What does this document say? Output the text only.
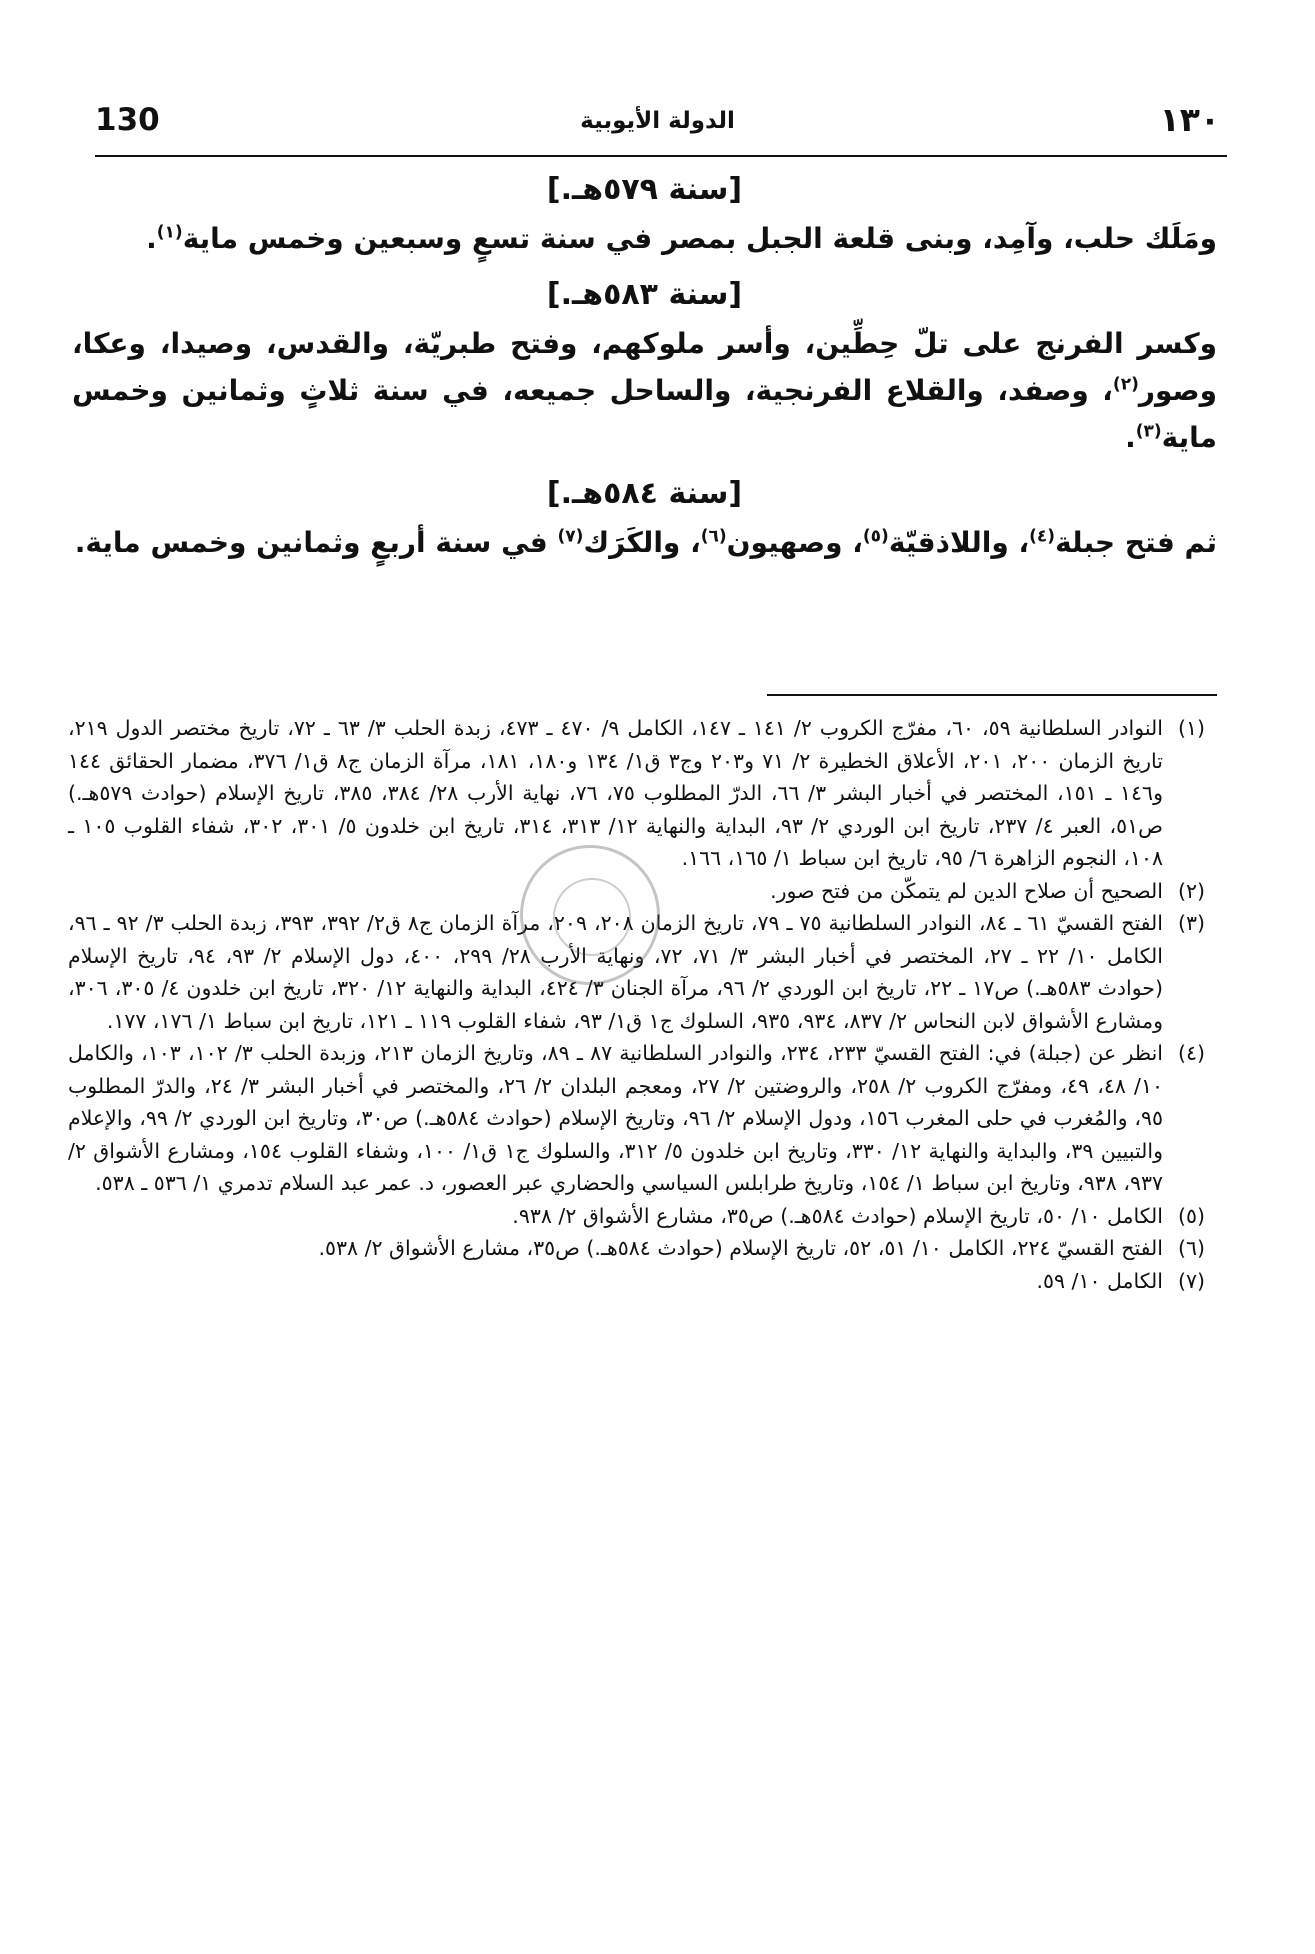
130	الدولة الأيوبية	١٣٠

[سنة ٥٧٩هـ.]

ومَلَك حلب، وآمِد، وبنى قلعة الجبل بمصر في سنة تسعٍ وسبعين وخمس ماية$^{(١)}$.

[سنة ٥٨٣هـ.]

وكسر الفرنج على تلّ حِطِّين، وأسر ملوكهم، وفتح طبريّة، والقدس، وصيدا، وعكا، وصور$^{(٢)}$، وصفد، والقلاع الفرنجية، والساحل جميعه، في سنة ثلاثٍ وثمانين وخمس ماية$^{(٣)}$.

[سنة ٥٨٤هـ.]

ثم فتح جبلة$^{(٤)}$، واللاذقيّة$^{(٥)}$، وصهيون$^{(٦)}$، والكَرَك$^{(٧)}$ في سنة أربعٍ وثمانين وخمس ماية.

(١)
النوادر السلطانية ٥٩، ٦٠، مفرّج الكروب ٢/ ١٤١ ـ ١٤٧، الكامل ٩/ ٤٧٠ ـ ٤٧٣، زبدة الحلب ٣/ ٦٣ ـ ٧٢، تاريخ مختصر الدول ٢١٩، تاريخ الزمان ٢٠٠، ٢٠١، الأعلاق الخطيرة ٢/ ٧١ و٢٠٣ وج٣ ق١/ ١٣٤ و١٨٠، ١٨١، مرآة الزمان ج٨ ق١/ ٣٧٦، مضمار الحقائق ١٤٤ و١٤٦ ـ ١٥١، المختصر في أخبار البشر ٣/ ٦٦، الدرّ المطلوب ٧٥، ٧٦، نهاية الأرب ٢٨/ ٣٨٤، ٣٨٥، تاريخ الإسلام (حوادث ٥٧٩هـ.) ص٥١، العبر ٤/ ٢٣٧، تاريخ ابن الوردي ٢/ ٩٣، البداية والنهاية ١٢/ ٣١٣، ٣١٤، تاريخ ابن خلدون ٥/ ٣٠١، ٣٠٢، شفاء القلوب ١٠٥ ـ ١٠٨، النجوم الزاهرة ٦/ ٩٥، تاريخ ابن سباط ١/ ١٦٥، ١٦٦.

(٢)
الصحيح أن صلاح الدين لم يتمكّن من فتح صور.

(٣)
الفتح القسيّ ٦١ ـ ٨٤، النوادر السلطانية ٧٥ ـ ٧٩، تاريخ الزمان ٢٠٨، ٢٠٩، مرآة الزمان ج٨ ق٢/ ٣٩٢، ٣٩٣، زبدة الحلب ٣/ ٩٢ ـ ٩٦، الكامل ١٠/ ٢٢ ـ ٢٧، المختصر في أخبار البشر ٣/ ٧١، ٧٢، ونهاية الأرب ٢٨/ ٢٩٩، ٤٠٠، دول الإسلام ٢/ ٩٣، ٩٤، تاريخ الإسلام (حوادث ٥٨٣هـ.) ص١٧ ـ ٢٢، تاريخ ابن الوردي ٢/ ٩٦، مرآة الجنان ٣/ ٤٢٤، البداية والنهاية ١٢/ ٣٢٠، تاريخ ابن خلدون ٤/ ٣٠٥، ٣٠٦، ومشارع الأشواق لابن النحاس ٢/ ٨٣٧، ٩٣٤، ٩٣٥، السلوك ج١ ق١/ ٩٣، شفاء القلوب ١١٩ ـ ١٢١، تاريخ ابن سباط ١/ ١٧٦، ١٧٧.

(٤)
انظر عن (جبلة) في: الفتح القسيّ ٢٣٣، ٢٣٤، والنوادر السلطانية ٨٧ ـ ٨٩، وتاريخ الزمان ٢١٣، وزبدة الحلب ٣/ ١٠٢، ١٠٣، والكامل ١٠/ ٤٨، ٤٩، ومفرّج الكروب ٢/ ٢٥٨، والروضتين ٢/ ٢٧، ومعجم البلدان ٢/ ٢٦، والمختصر في أخبار البشر ٣/ ٢٤، والدرّ المطلوب ٩٥، والمُغرب في حلى المغرب ١٥٦، ودول الإسلام ٢/ ٩٦، وتاريخ الإسلام (حوادث ٥٨٤هـ.) ص٣٠، وتاريخ ابن الوردي ٢/ ٩٩، والإعلام والتبيين ٣٩، والبداية والنهاية ١٢/ ٣٣٠، وتاريخ ابن خلدون ٥/ ٣١٢، والسلوك ج١ ق١/ ١٠٠، وشفاء القلوب ١٥٤، ومشارع الأشواق ٢/ ٩٣٧، ٩٣٨، وتاريخ ابن سباط ١/ ١٥٤، وتاريخ طرابلس السياسي والحضاري عبر العصور، د. عمر عبد السلام تدمري ١/ ٥٣٦ ـ ٥٣٨.

(٥)
الكامل ١٠/ ٥٠، تاريخ الإسلام (حوادث ٥٨٤هـ.) ص٣٥، مشارع الأشواق ٢/ ٩٣٨.

(٦)
الفتح القسيّ ٢٢٤، الكامل ١٠/ ٥١، ٥٢، تاريخ الإسلام (حوادث ٥٨٤هـ.) ص٣٥، مشارع الأشواق ٢/ ٥٣٨.

(٧)
الكامل ١٠/ ٥٩.
